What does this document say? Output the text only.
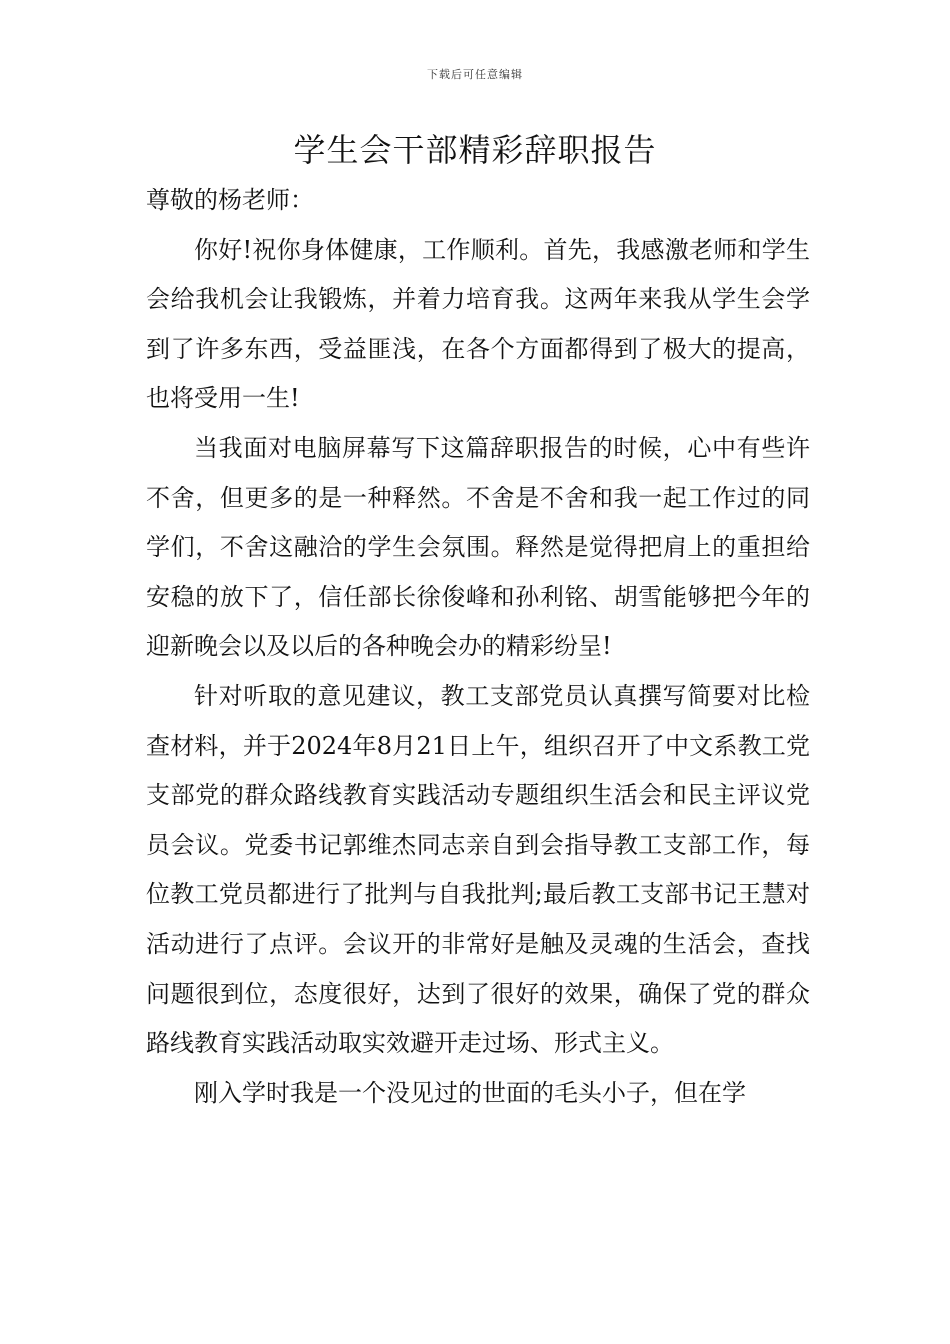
下载后可任意编辑
学生会干部精彩辞职报告

尊敬的杨老师：

你好!祝你身体健康，工作顺利。首先，我感激老师和学生会给我机会让我锻炼，并着力培育我。这两年来我从学生会学到了许多东西，受益匪浅，在各个方面都得到了极大的提高，也将受用一生!

当我面对电脑屏幕写下这篇辞职报告的时候，心中有些许不舍，但更多的是一种释然。不舍是不舍和我一起工作过的同学们，不舍这融洽的学生会氛围。释然是觉得把肩上的重担给安稳的放下了，信任部长徐俊峰和孙利铭、胡雪能够把今年的迎新晚会以及以后的各种晚会办的精彩纷呈!

针对听取的意见建议，教工支部党员认真撰写简要对比检查材料，并于2024年8月21日上午，组织召开了中文系教工党支部党的群众路线教育实践活动专题组织生活会和民主评议党员会议。党委书记郭维杰同志亲自到会指导教工支部工作，每位教工党员都进行了批判与自我批判;最后教工支部书记王慧对活动进行了点评。会议开的非常好是触及灵魂的生活会，查找问题很到位，态度很好，达到了很好的效果，确保了党的群众路线教育实践活动取实效避开走过场、形式主义。

刚入学时我是一个没见过的世面的毛头小子，但在学
